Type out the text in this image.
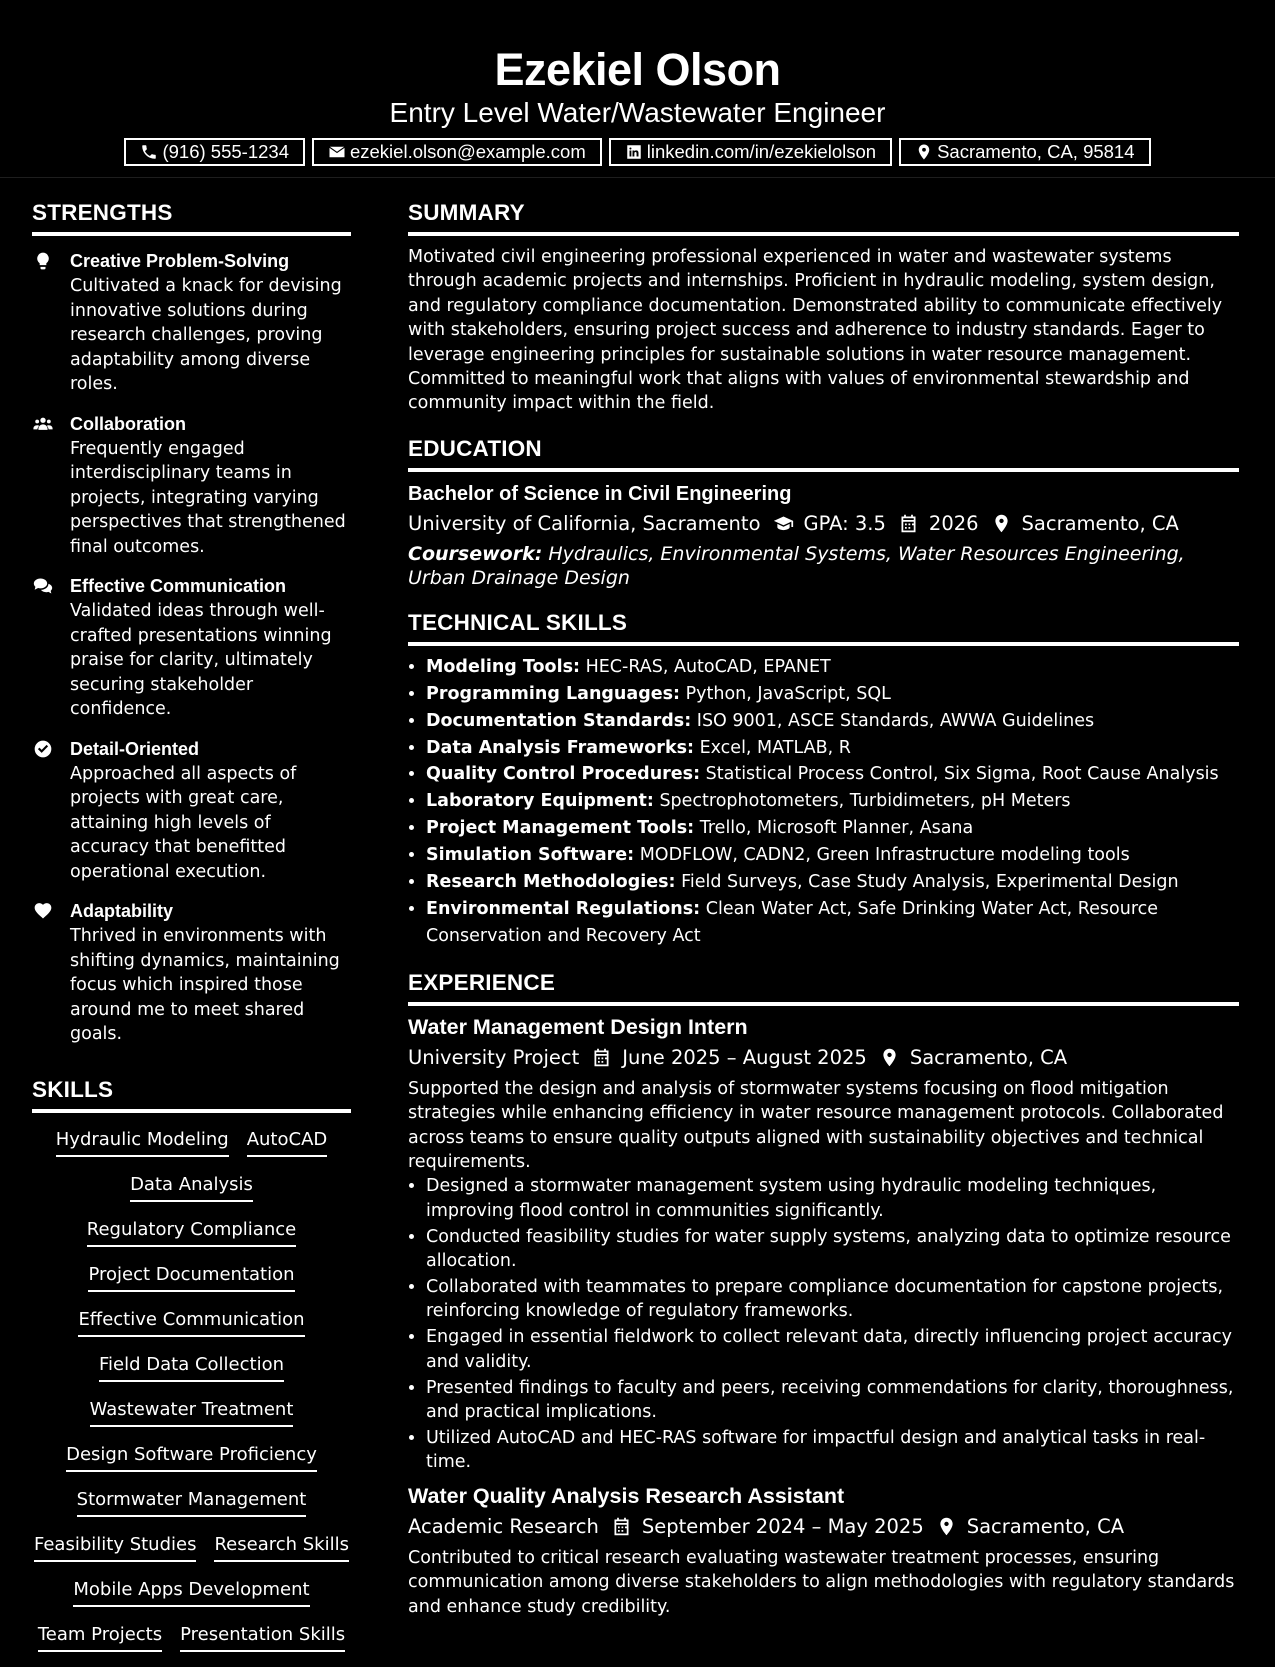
Ezekiel Olson
Entry Level Water/Wastewater Engineer
(916) 555-1234	ezekiel.olson@example.com	linkedin.com/in/ezekielolson	Sacramento, CA, 95814
STRENGTHS
Creative Problem-Solving
Cultivated a knack for devising innovative solutions during research challenges, proving adaptability among diverse roles.
Collaboration
Frequently engaged interdisciplinary teams in projects, integrating varying perspectives that strengthened final outcomes.
Effective Communication
Validated ideas through well-crafted presentations winning praise for clarity, ultimately securing stakeholder confidence.
Detail-Oriented
Approached all aspects of projects with great care, attaining high levels of accuracy that benefitted operational execution.
Adaptability
Thrived in environments with shifting dynamics, maintaining focus which inspired those around me to meet shared goals.
SKILLS
Hydraulic Modeling AutoCAD
Data Analysis
Regulatory Compliance
Project Documentation
Effective Communication
Field Data Collection
Wastewater Treatment
Design Software Proficiency
Stormwater Management
Feasibility Studies Research Skills
Mobile Apps Development
Team Projects Presentation Skills
SUMMARY
Motivated civil engineering professional experienced in water and wastewater systems through academic projects and internships. Proficient in hydraulic modeling, system design, and regulatory compliance documentation. Demonstrated ability to communicate effectively with stakeholders, ensuring project success and adherence to industry standards. Eager to leverage engineering principles for sustainable solutions in water resource management. Committed to meaningful work that aligns with values of environmental stewardship and community impact within the field.
EDUCATION
Bachelor of Science in Civil Engineering
University of California, Sacramento GPA: 3.5 2026 Sacramento, CA
Coursework: Hydraulics, Environmental Systems, Water Resources Engineering, Urban Drainage Design
TECHNICAL SKILLS
• Modeling Tools: HEC-RAS, AutoCAD, EPANET
• Programming Languages: Python, JavaScript, SQL
• Documentation Standards: ISO 9001, ASCE Standards, AWWA Guidelines
• Data Analysis Frameworks: Excel, MATLAB, R
• Quality Control Procedures: Statistical Process Control, Six Sigma, Root Cause Analysis
• Laboratory Equipment: Spectrophotometers, Turbidimeters, pH Meters
• Project Management Tools: Trello, Microsoft Planner, Asana
• Simulation Software: MODFLOW, CADN2, Green Infrastructure modeling tools
• Research Methodologies: Field Surveys, Case Study Analysis, Experimental Design
• Environmental Regulations: Clean Water Act, Safe Drinking Water Act, Resource Conservation and Recovery Act
EXPERIENCE
Water Management Design Intern
University Project June 2025 – August 2025 Sacramento, CA
Supported the design and analysis of stormwater systems focusing on flood mitigation strategies while enhancing efficiency in water resource management protocols. Collaborated across teams to ensure quality outputs aligned with sustainability objectives and technical requirements.
• Designed a stormwater management system using hydraulic modeling techniques, improving flood control in communities significantly.
• Conducted feasibility studies for water supply systems, analyzing data to optimize resource allocation.
• Collaborated with teammates to prepare compliance documentation for capstone projects, reinforcing knowledge of regulatory frameworks.
• Engaged in essential fieldwork to collect relevant data, directly influencing project accuracy and validity.
• Presented findings to faculty and peers, receiving commendations for clarity, thoroughness, and practical implications.
• Utilized AutoCAD and HEC-RAS software for impactful design and analytical tasks in real-time.
Water Quality Analysis Research Assistant
Academic Research September 2024 – May 2025 Sacramento, CA
Contributed to critical research evaluating wastewater treatment processes, ensuring communication among diverse stakeholders to align methodologies with regulatory standards and enhance study credibility.
